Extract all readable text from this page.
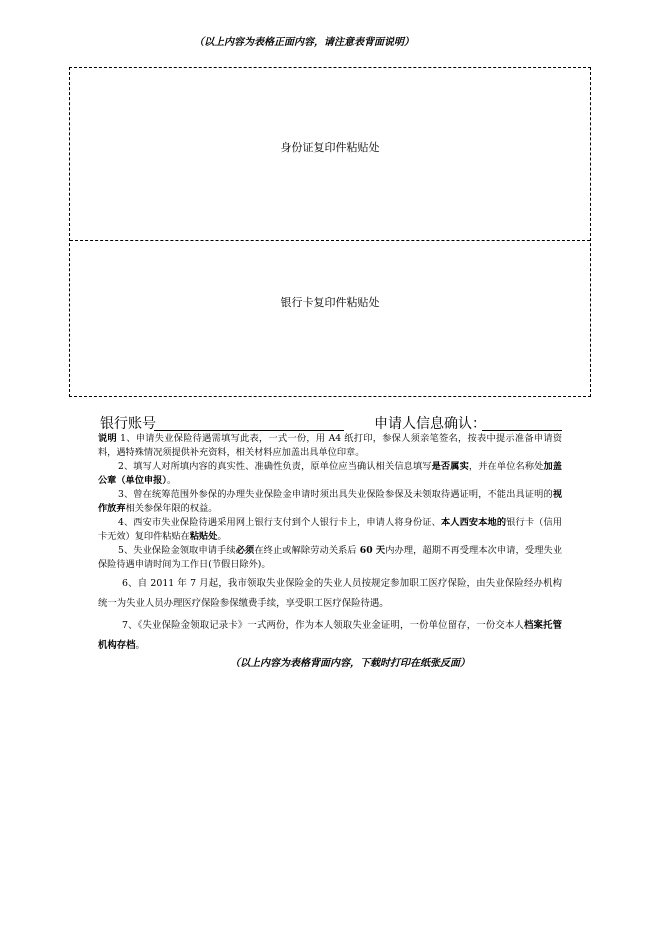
（以上内容为表格正面内容，请注意表背面说明）
身份证复印件粘贴处
银行卡复印件粘贴处
银行账号	申请人信息确认：

说明 1、申请失业保险待遇需填写此表，一式一份，用 A4 纸打印，参保人须亲笔签名，按表中提示准备申请资料，遇特殊情况须提供补充资料，相关材料应加盖出具单位印章。

2、填写人对所填内容的真实性、准确性负责，原单位应当确认相关信息填写是否属实，并在单位名称处加盖公章（单位申报）。

3、曾在统筹范围外参保的办理失业保险金申请时须出具失业保险参保及未领取待遇证明，不能出具证明的视作放弃相关参保年限的权益。

4、西安市失业保险待遇采用网上银行支付到个人银行卡上，申请人将身份证、本人西安本地的银行卡（信用卡无效）复印件粘贴在粘贴处。

5、失业保险金领取申请手续必须在终止或解除劳动关系后 60 天内办理，超期不再受理本次申请，受理失业保险待遇申请时间为工作日(节假日除外)。

6、自 2011 年 7 月起，我市领取失业保险金的失业人员按规定参加职工医疗保险，由失业保险经办机构统一为失业人员办理医疗保险参保缴费手续，享受职工医疗保险待遇。

7、《失业保险金领取记录卡》一式两份，作为本人领取失业金证明，一份单位留存，一份交本人档案托管机构存档。

（以上内容为表格背面内容，下载时打印在纸张反面）
